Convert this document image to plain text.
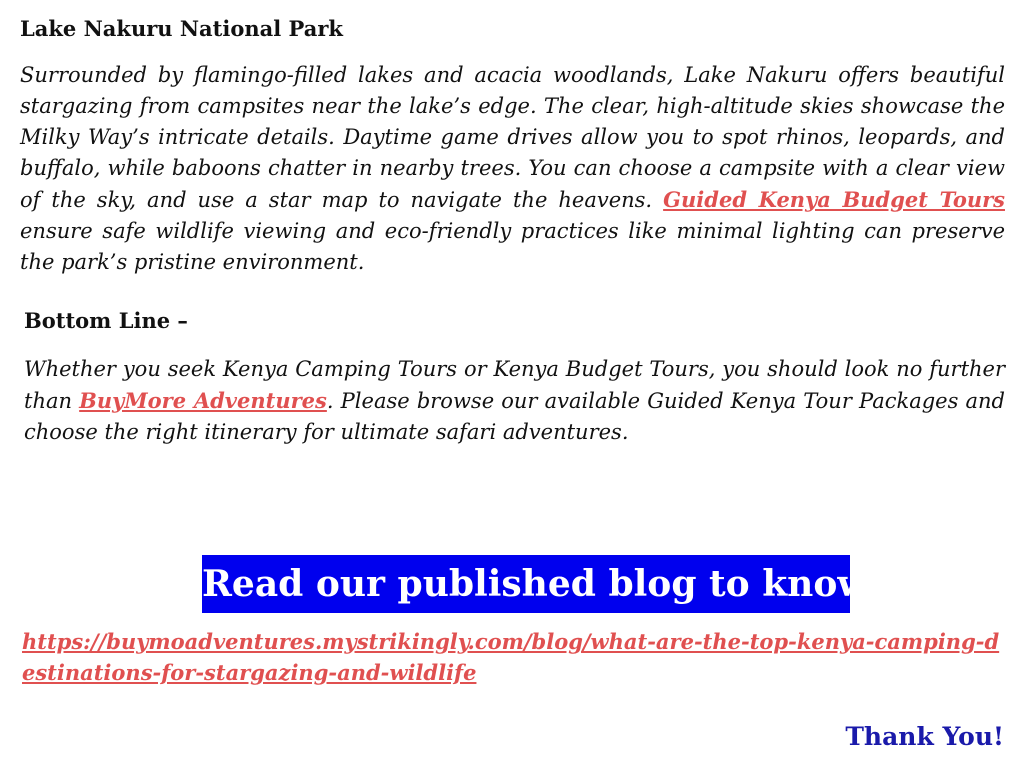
Lake Nakuru National Park

Surrounded by flamingo-filled lakes and acacia woodlands, Lake Nakuru offers beautiful stargazing from campsites near the lake’s edge. The clear, high-altitude skies showcase the Milky Way’s intricate details. Daytime game drives allow you to spot rhinos, leopards, and buffalo, while baboons chatter in nearby trees. You can choose a campsite with a clear view of the sky, and use a star map to navigate the heavens. Guided Kenya Budget Tours ensure safe wildlife viewing and eco-friendly practices like minimal lighting can preserve the park’s pristine environment.

Bottom Line –

Whether you seek Kenya Camping Tours or Kenya Budget Tours, you should look no further than BuyMore Adventures. Please browse our available Guided Kenya Tour Packages and choose the right itinerary for ultimate safari adventures.

Read our published blog to know:
https://buymoadventures.mystrikingly.com/blog/what-are-the-top-kenya-camping-destinations-for-stargazing-and-wildlife
Thank You!
